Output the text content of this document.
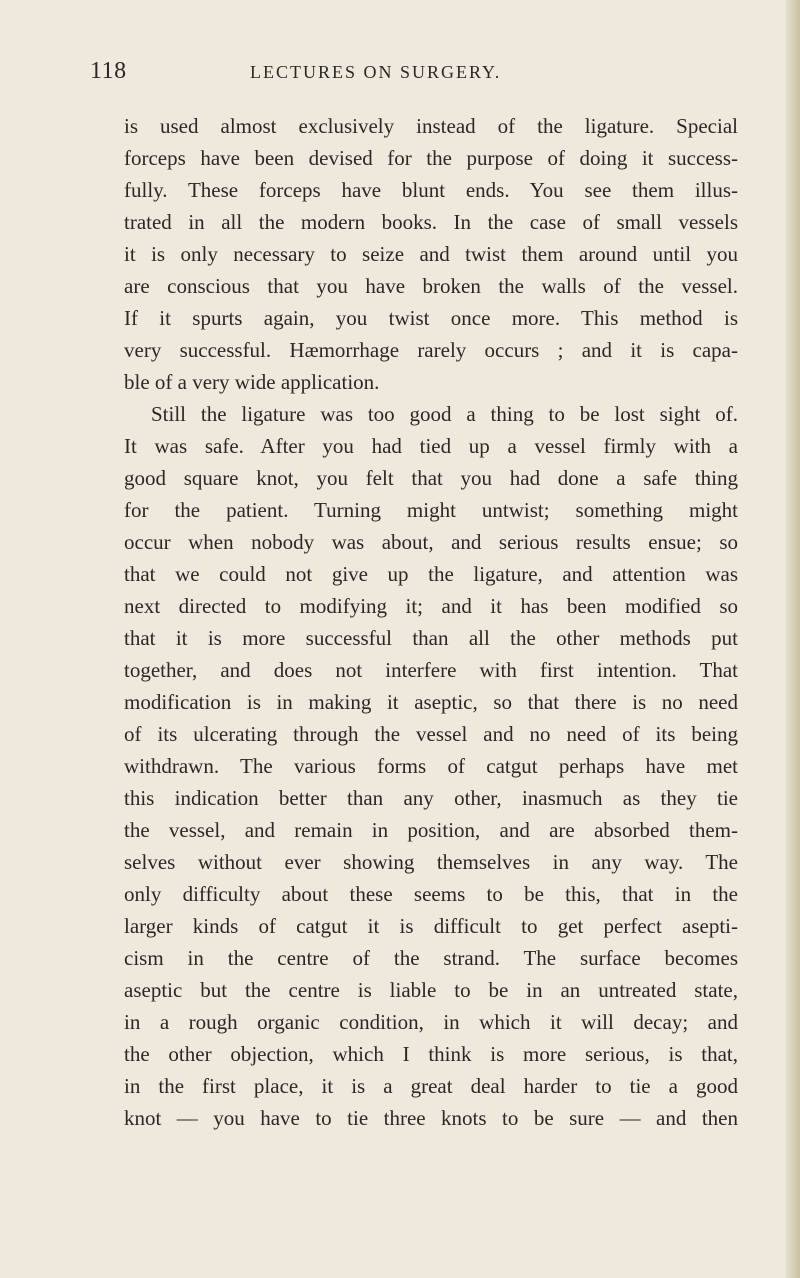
118	LECTURES ON SURGERY.
is used almost exclusively instead of the ligature. Special
forceps have been devised for the purpose of doing it success-
fully. These forceps have blunt ends. You see them illus-
trated in all the modern books. In the case of small vessels
it is only necessary to seize and twist them around until you
are conscious that you have broken the walls of the vessel.
If it spurts again, you twist once more. This method is
very successful. Hæmorrhage rarely occurs ; and it is capa-
ble of a very wide application.
Still the ligature was too good a thing to be lost sight of.
It was safe. After you had tied up a vessel firmly with a
good square knot, you felt that you had done a safe thing
for the patient. Turning might untwist; something might
occur when nobody was about, and serious results ensue; so
that we could not give up the ligature, and attention was
next directed to modifying it; and it has been modified so
that it is more successful than all the other methods put
together, and does not interfere with first intention. That
modification is in making it aseptic, so that there is no need
of its ulcerating through the vessel and no need of its being
withdrawn. The various forms of catgut perhaps have met
this indication better than any other, inasmuch as they tie
the vessel, and remain in position, and are absorbed them-
selves without ever showing themselves in any way. The
only difficulty about these seems to be this, that in the
larger kinds of catgut it is difficult to get perfect asepti-
cism in the centre of the strand. The surface becomes
aseptic but the centre is liable to be in an untreated state,
in a rough organic condition, in which it will decay; and
the other objection, which I think is more serious, is that,
in the first place, it is a great deal harder to tie a good
knot — you have to tie three knots to be sure — and then
